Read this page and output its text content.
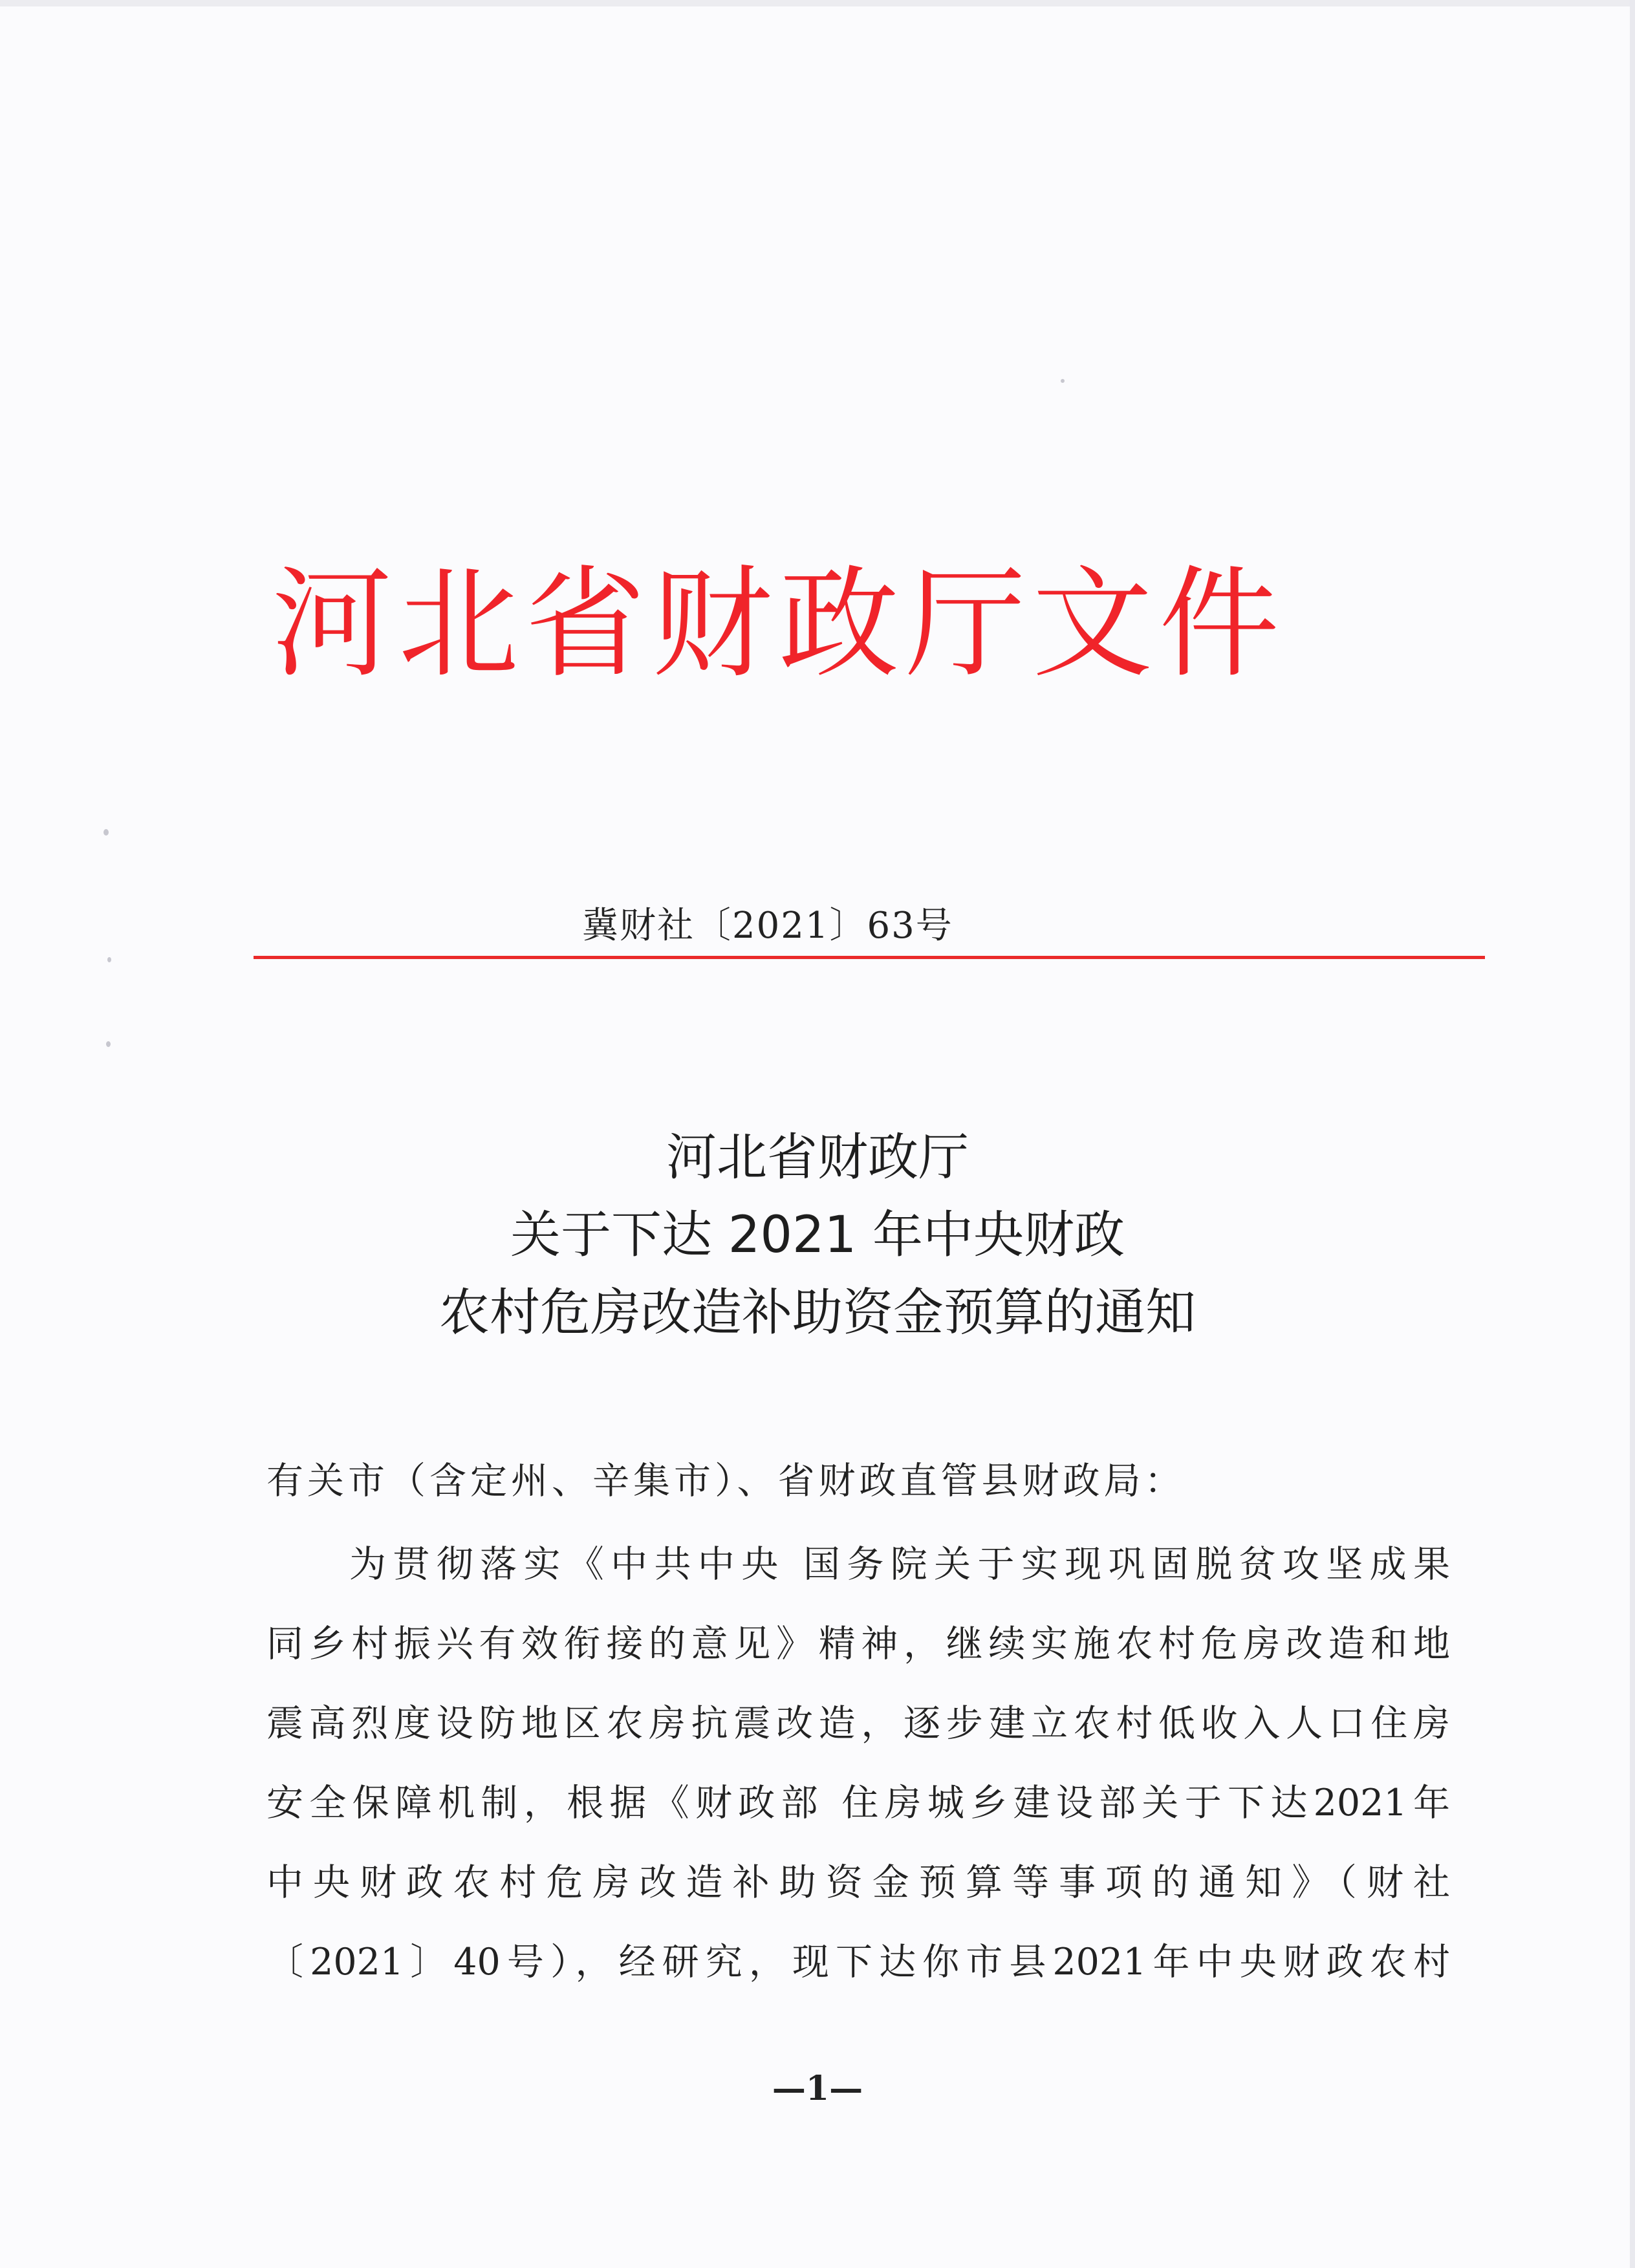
河北省财政厅文件
冀财社〔2021〕63号
河北省财政厅
关于下达 2021 年中央财政
农村危房改造补助资金预算的通知
有关市（含定州、辛集市）、省财政直管县财政局：
为贯彻落实《中共中央 国务院关于实现巩固脱贫攻坚成果
同乡村振兴有效衔接的意见》精神，继续实施农村危房改造和地
震高烈度设防地区农房抗震改造，逐步建立农村低收入人口住房
安全保障机制，根据《财政部 住房城乡建设部关于下达2021年
中央财政农村危房改造补助资金预算等事项的通知》（财社
〔2021〕40号），经研究，现下达你市县2021年中央财政农村
—1—
